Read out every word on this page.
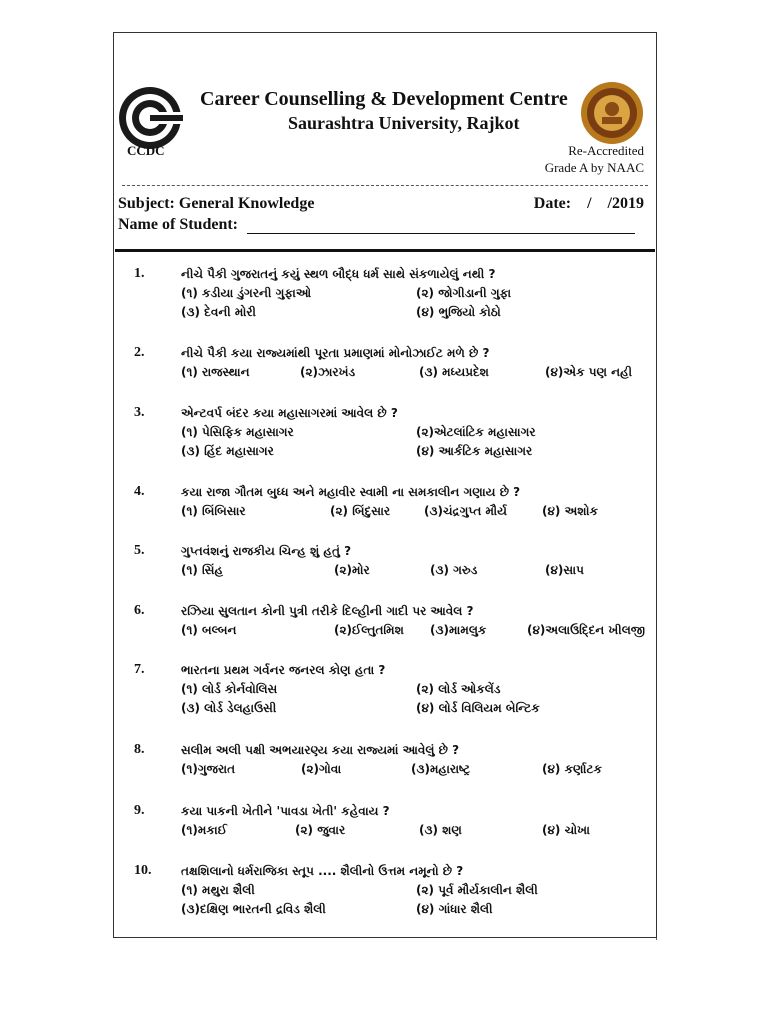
CCDC
Career Counselling & Development Centre
Saurashtra University, Rajkot
Re-Accredited
Grade A by NAAC
Subject: General Knowledge	Date:    /    /2019
Name of Student:
1.	નીચે પૈકી ગુજરાતનું કયું સ્થળ બૌદ્ધ ધર્મ સાથે સંકળાયેલું નથી ?
(૧) કડીયા ડુંગરની ગુફાઓ	(૨) જોગીડાની ગુફા
(૩) દેવની મોરી	(૪) ભુજિયો કોઠો
2.	નીચે પૈકી કયા રાજ્યમાંથી પૂરતા પ્રમાણમાં મોનોઝાઈટ મળે છે ?
(૧) રાજસ્થાન	(૨)ઝારખંડ	(૩) મધ્યપ્રદેશ	(૪)એક પણ નહી
3.	એન્ટવર્પ બંદર કયા મહાસાગરમાં આવેલ છે ?
(૧) પેસિફિક મહાસાગર	(૨)એટલાંટિક મહાસાગર
(૩) હિંદ મહાસાગર	(૪) આર્કટિક મહાસાગર
4.	કયા રાજા ગૌતમ બુધ્ધ અને મહાવીર સ્વામી ના સમકાલીન ગણાય છે ?
(૧) બિંબિસાર	(૨) બિંદુસાર	(૩)ચંદ્રગુપ્ત મૌર્ય	(૪) અશોક
5.	ગુપ્તવંશનું રાજકીય ચિન્હ શું હતું ?
(૧) સિંહ	(૨)મોર	(૩) ગરુડ	(૪)સાપ
6.	રઝિયા સુલતાન કોની પુત્રી તરીકે દિલ્હીની ગાદી પર આવેલ ?
(૧) બલ્બન	(૨)ઈલ્તુતમિશ (૩)મામલુક	(૪)અલાઉદ્દિન ખીલજી
7.	ભારતના પ્રથમ ગર્વનર જનરલ કોણ હતા ?
(૧) લોર્ડ કોર્નવોલિસ	(૨) લોર્ડ ઓકલેંડ
(૩) લોર્ડ ડેલહાઉસી	(૪) લોર્ડ વિલિયમ બેન્ટિક
8.	સલીમ અલી પક્ષી અભયારણ્ય કયા રાજ્યમાં આવેલું છે ?
(૧)ગુજરાત	(૨)ગોવા	(૩)મહારાષ્ટ્ર	(૪) કર્ણાટક
9.	કયા પાકની ખેતીને 'પાવડા ખેતી' કહેવાય ?
(૧)મકાઈ	(૨) જુવાર	(૩) શણ	(૪) ચોખા
10.	તક્ષશિલાનો ધર્મરાજિકા સ્તૂપ .... શૈલીનો ઉત્તમ નમૂનો છે ?
(૧) મથુરા શૈલી	(૨) પૂર્વ મૌર્યકાલીન શૈલી
(૩)દક્ષિણ ભારતની દ્રવિડ શૈલી	(૪) ગાંધાર શૈલી
